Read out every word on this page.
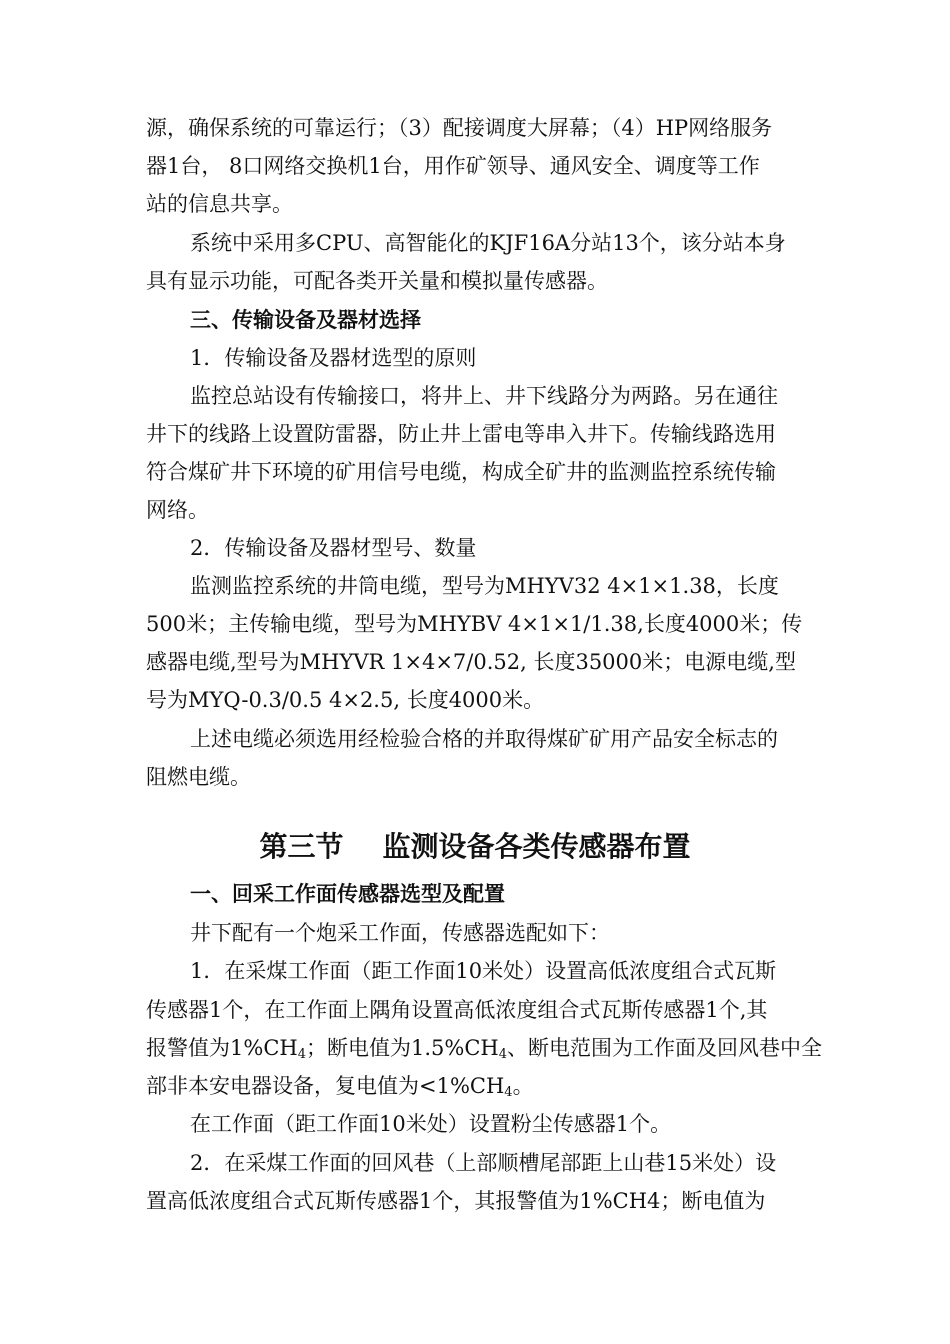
源，确保系统的可靠运行；（3）配接调度大屏幕；（4）HP网络服务
器1台， 8口网络交换机1台，用作矿领导、通风安全、调度等工作
站的信息共享。
系统中采用多CPU、高智能化的KJF16A分站13个，该分站本身
具有显示功能，可配各类开关量和模拟量传感器。
三、传输设备及器材选择
1．传输设备及器材选型的原则
监控总站设有传输接口，将井上、井下线路分为两路。另在通往
井下的线路上设置防雷器，防止井上雷电等串入井下。传输线路选用
符合煤矿井下环境的矿用信号电缆，构成全矿井的监测监控系统传输
网络。
2．传输设备及器材型号、数量
监测监控系统的井筒电缆，型号为MHYV32 4×1×1.38，长度
500米；主传输电缆，型号为MHYBV 4×1×1/1.38,长度4000米；传
感器电缆,型号为MHYVR 1×4×7/0.52, 长度35000米；电源电缆,型
号为MYQ-0.3/0.5 4×2.5, 长度4000米。
上述电缆必须选用经检验合格的并取得煤矿矿用产品安全标志的
阻燃电缆。
第三节    监测设备各类传感器布置
一、回采工作面传感器选型及配置
井下配有一个炮采工作面，传感器选配如下：
1．在采煤工作面（距工作面10米处）设置高低浓度组合式瓦斯
传感器1个，在工作面上隅角设置高低浓度组合式瓦斯传感器1个,其
报警值为$1\%CH_4$；断电值为$1.5\%CH_4$、断电范围为工作面及回风巷中全
部非本安电器设备，复电值为$<1\%CH_4$。
在工作面（距工作面10米处）设置粉尘传感器1个。
2．在采煤工作面的回风巷（上部顺槽尾部距上山巷15米处）设
置高低浓度组合式瓦斯传感器1个，其报警值为1%CH4；断电值为
